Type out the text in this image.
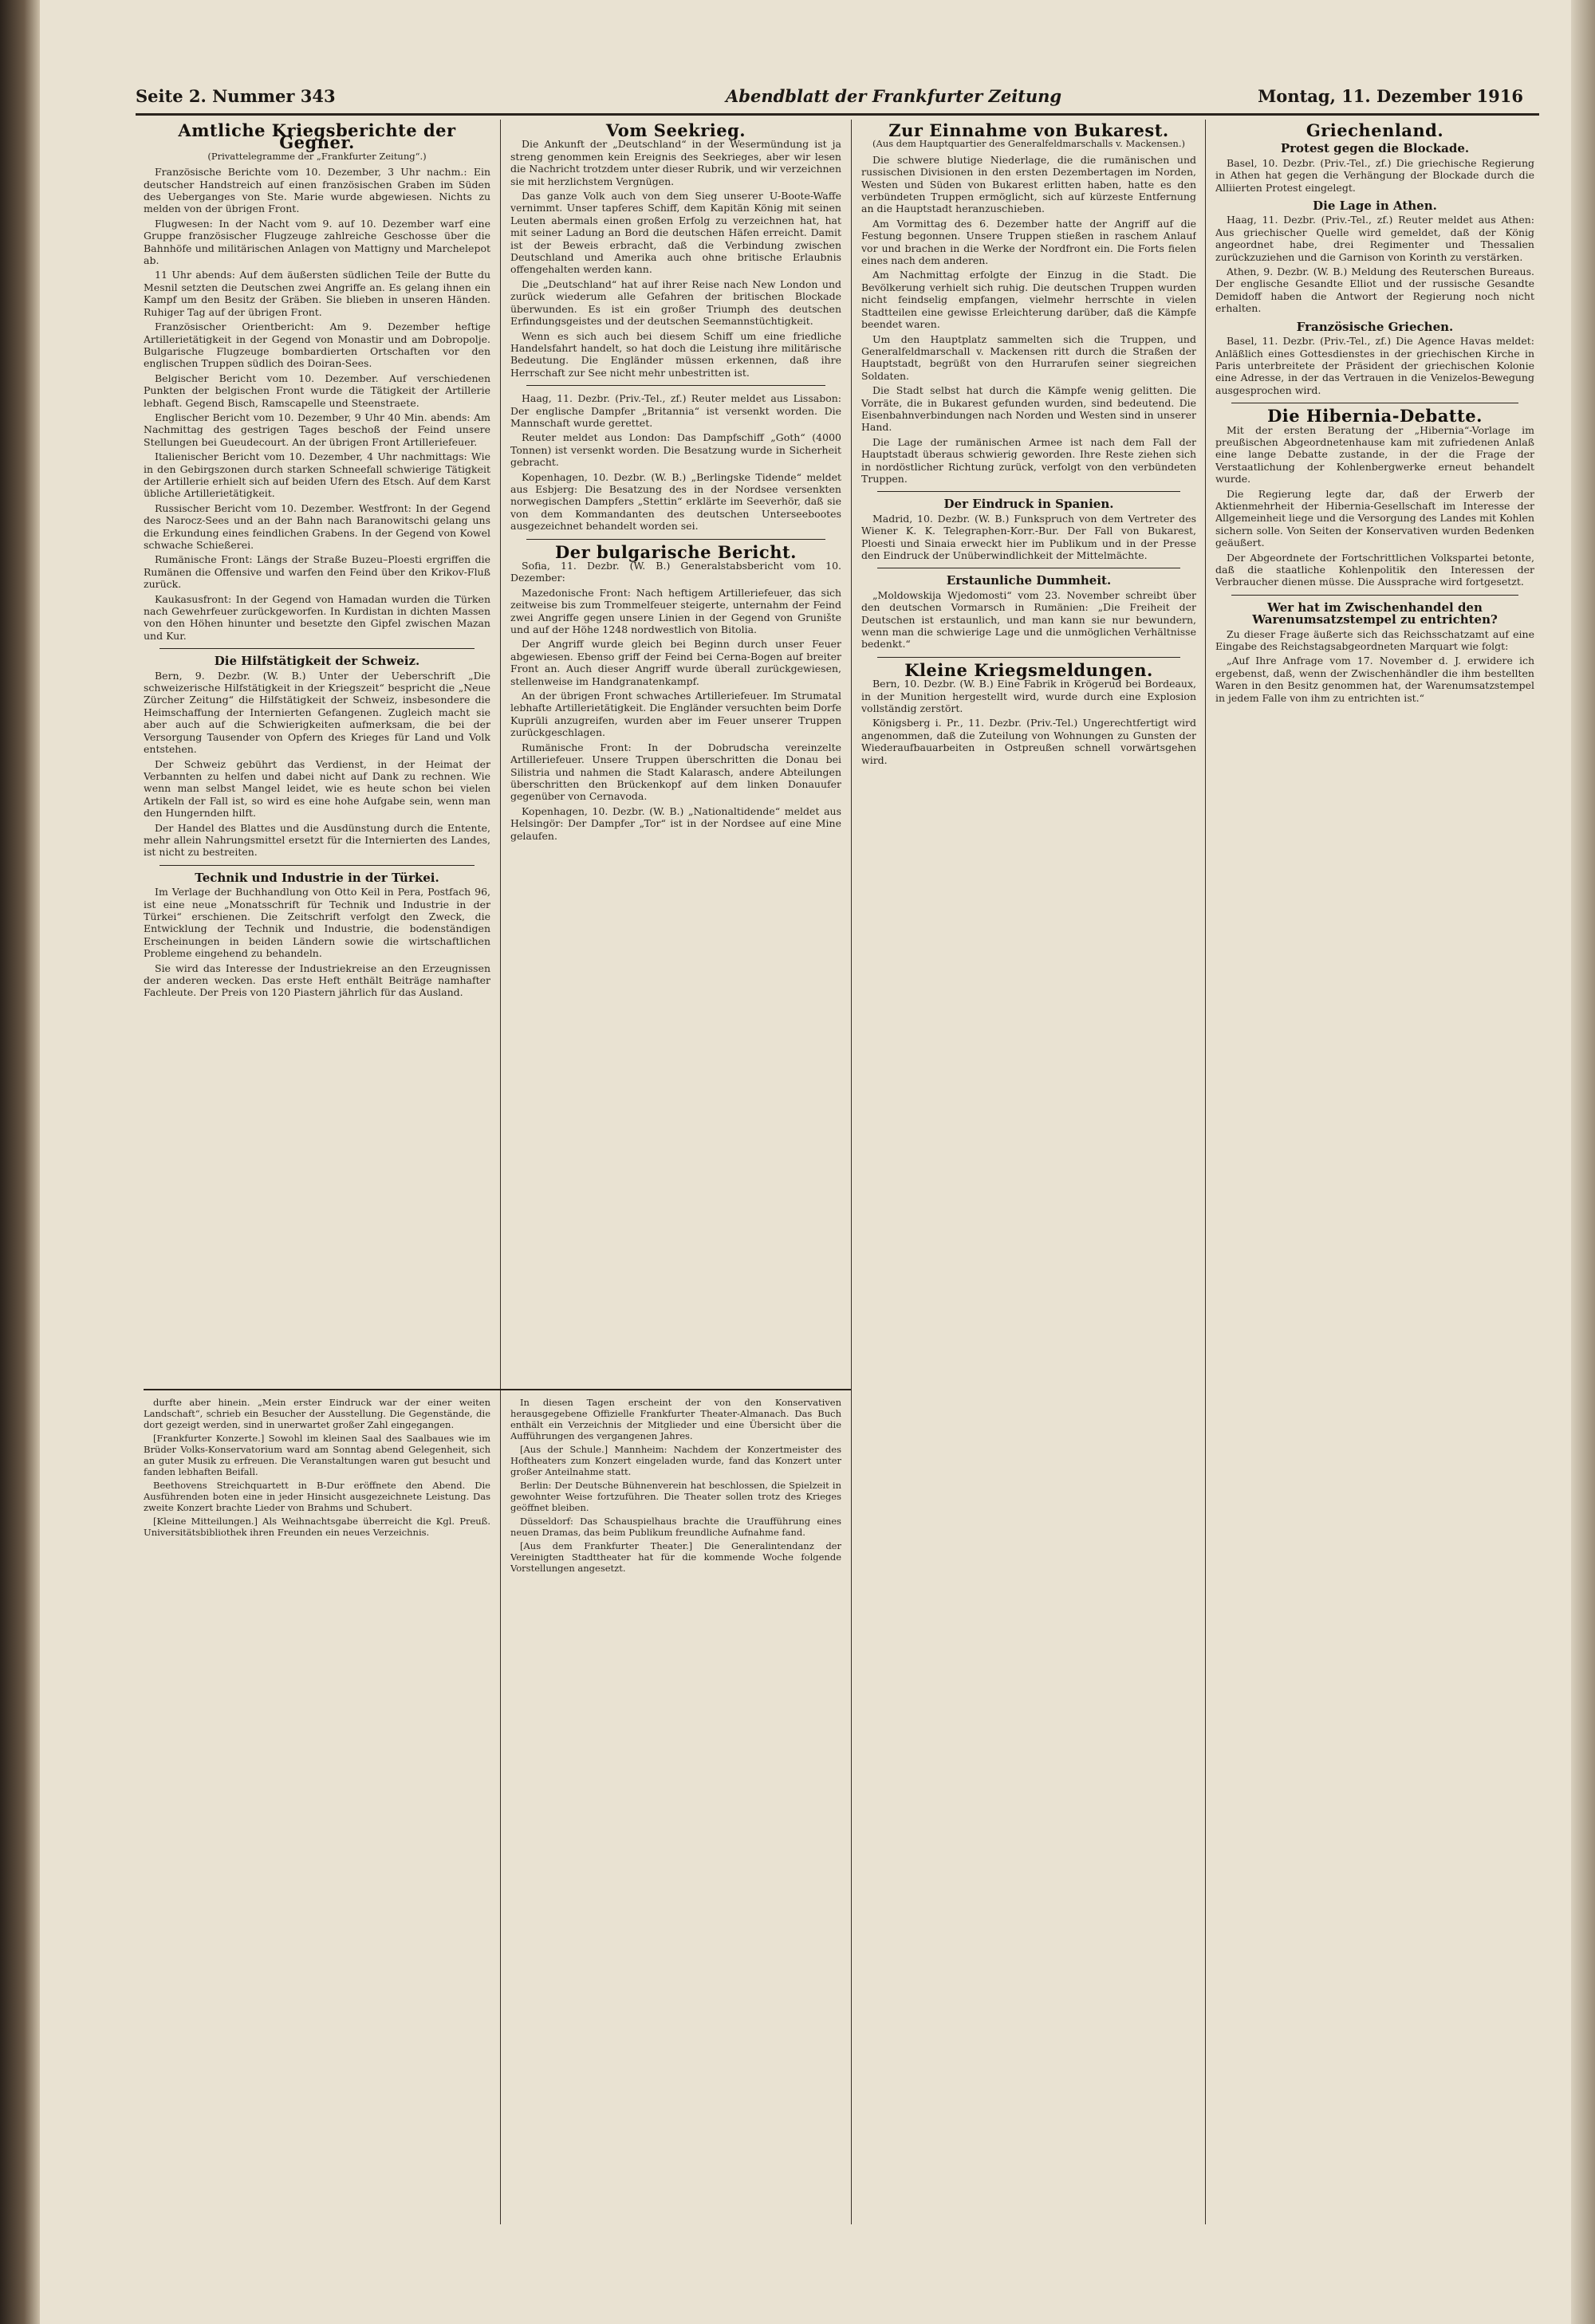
Seite 2. Nummer 343	Abendblatt der Frankfurter Zeitung	Montag, 11. Dezember 1916
Amtliche Kriegsberichte der Gegner.
(Privattelegramme der „Frankfurter Zeitung“.)

Französische Berichte vom 10. Dezember, 3 Uhr nachm.: Ein deutscher Handstreich auf einen französischen Graben im Süden des Ueberganges von Ste. Marie wurde abgewiesen. Nichts zu melden von der übrigen Front.

Flugwesen: In der Nacht vom 9. auf 10. Dezember warf eine Gruppe französischer Flugzeuge zahlreiche Geschosse über die Bahnhöfe und militärischen Anlagen von Mattigny und Marchelepot ab.

11 Uhr abends: Auf dem äußersten südlichen Teile der Butte du Mesnil setzten die Deutschen zwei Angriffe an. Es gelang ihnen ein Kampf um den Besitz der Gräben. Sie blieben in unseren Händen. Ruhiger Tag auf der übrigen Front.

Französischer Orientbericht: Am 9. Dezember heftige Artillerietätigkeit in der Gegend von Monastir und am Dobropolje. Bulgarische Flugzeuge bombardierten Ortschaften vor den englischen Truppen südlich des Doiran-Sees.

Belgischer Bericht vom 10. Dezember. Auf verschiedenen Punkten der belgischen Front wurde die Tätigkeit der Artillerie lebhaft. Gegend Bisch, Ramscapelle und Steenstraete.

Englischer Bericht vom 10. Dezember, 9 Uhr 40 Min. abends: Am Nachmittag des gestrigen Tages beschoß der Feind unsere Stellungen bei Gueudecourt. An der übrigen Front Artilleriefeuer.

Italienischer Bericht vom 10. Dezember, 4 Uhr nachmittags: Wie in den Gebirgszonen durch starken Schneefall schwierige Tätigkeit der Artillerie erhielt sich auf beiden Ufern des Etsch. Auf dem Karst übliche Artillerietätigkeit.

Russischer Bericht vom 10. Dezember. Westfront: In der Gegend des Narocz-Sees und an der Bahn nach Baranowitschi gelang uns die Erkundung eines feindlichen Grabens. In der Gegend von Kowel schwache Schießerei.

Rumänische Front: Längs der Straße Buzeu–Ploesti ergriffen die Rumänen die Offensive und warfen den Feind über den Krikov-Fluß zurück.

Kaukasusfront: In der Gegend von Hamadan wurden die Türken nach Gewehrfeuer zurückgeworfen. In Kurdistan in dichten Massen von den Höhen hinunter und besetzte den Gipfel zwischen Mazan und Kur.

Die Hilfstätigkeit der Schweiz.

Bern, 9. Dezbr. (W. B.) Unter der Ueberschrift „Die schweizerische Hilfstätigkeit in der Kriegszeit“ bespricht die „Neue Zürcher Zeitung“ die Hilfstätigkeit der Schweiz, insbesondere die Heimschaffung der Internierten Gefangenen. Zugleich macht sie aber auch auf die Schwierigkeiten aufmerksam, die bei der Versorgung Tausender von Opfern des Krieges für Land und Volk entstehen.

Der Schweiz gebührt das Verdienst, in der Heimat der Verbannten zu helfen und dabei nicht auf Dank zu rechnen. Wie wenn man selbst Mangel leidet, wie es heute schon bei vielen Artikeln der Fall ist, so wird es eine hohe Aufgabe sein, wenn man den Hungernden hilft.

Der Handel des Blattes und die Ausdünstung durch die Entente, mehr allein Nahrungsmittel ersetzt für die Internierten des Landes, ist nicht zu bestreiten.

Technik und Industrie in der Türkei.

Im Verlage der Buchhandlung von Otto Keil in Pera, Postfach 96, ist eine neue „Monatsschrift für Technik und Industrie in der Türkei“ erschienen. Die Zeitschrift verfolgt den Zweck, die Entwicklung der Technik und Industrie, die bodenständigen Erscheinungen in beiden Ländern sowie die wirtschaftlichen Probleme eingehend zu behandeln.

Sie wird das Interesse der Industriekreise an den Erzeugnissen der anderen wecken. Das erste Heft enthält Beiträge namhafter Fachleute. Der Preis von 120 Piastern jährlich für das Ausland.

Vom Seekrieg.

Die Ankunft der „Deutschland“ in der Wesermündung ist ja streng genommen kein Ereignis des Seekrieges, aber wir lesen die Nachricht trotzdem unter dieser Rubrik, und wir verzeichnen sie mit herzlichstem Vergnügen.

Das ganze Volk auch von dem Sieg unserer U-Boote-Waffe vernimmt. Unser tapferes Schiff, dem Kapitän König mit seinen Leuten abermals einen großen Erfolg zu verzeichnen hat, hat mit seiner Ladung an Bord die deutschen Häfen erreicht. Damit ist der Beweis erbracht, daß die Verbindung zwischen Deutschland und Amerika auch ohne britische Erlaubnis offengehalten werden kann.

Die „Deutschland“ hat auf ihrer Reise nach New London und zurück wiederum alle Gefahren der britischen Blockade überwunden. Es ist ein großer Triumph des deutschen Erfindungsgeistes und der deutschen Seemannstüchtigkeit.

Wenn es sich auch bei diesem Schiff um eine friedliche Handelsfahrt handelt, so hat doch die Leistung ihre militärische Bedeutung. Die Engländer müssen erkennen, daß ihre Herrschaft zur See nicht mehr unbestritten ist.

Haag, 11. Dezbr. (Priv.-Tel., zf.) Reuter meldet aus Lissabon: Der englische Dampfer „Britannia“ ist versenkt worden. Die Mannschaft wurde gerettet.

Reuter meldet aus London: Das Dampfschiff „Goth“ (4000 Tonnen) ist versenkt worden. Die Besatzung wurde in Sicherheit gebracht.

Kopenhagen, 10. Dezbr. (W. B.) „Berlingske Tidende“ meldet aus Esbjerg: Die Besatzung des in der Nordsee versenkten norwegischen Dampfers „Stettin“ erklärte im Seeverhör, daß sie von dem Kommandanten des deutschen Unterseebootes ausgezeichnet behandelt worden sei.

Der bulgarische Bericht.

Sofia, 11. Dezbr. (W. B.) Generalstabsbericht vom 10. Dezember:

Mazedonische Front: Nach heftigem Artilleriefeuer, das sich zeitweise bis zum Trommelfeuer steigerte, unternahm der Feind zwei Angriffe gegen unsere Linien in der Gegend von Grunište und auf der Höhe 1248 nordwestlich von Bitolia.

Der Angriff wurde gleich bei Beginn durch unser Feuer abgewiesen. Ebenso griff der Feind bei Cerna-Bogen auf breiter Front an. Auch dieser Angriff wurde überall zurückgewiesen, stellenweise im Handgranatenkampf.

An der übrigen Front schwaches Artilleriefeuer. Im Strumatal lebhafte Artillerietätigkeit. Die Engländer versuchten beim Dorfe Kuprüli anzugreifen, wurden aber im Feuer unserer Truppen zurückgeschlagen.

Rumänische Front: In der Dobrudscha vereinzelte Artilleriefeuer. Unsere Truppen überschritten die Donau bei Silistria und nahmen die Stadt Kalarasch, andere Abteilungen überschritten den Brückenkopf auf dem linken Donauufer gegenüber von Cernavoda.

Kopenhagen, 10. Dezbr. (W. B.) „Nationaltidende“ meldet aus Helsingör: Der Dampfer „Tor“ ist in der Nordsee auf eine Mine gelaufen.

Zur Einnahme von Bukarest.
(Aus dem Hauptquartier des Generalfeldmarschalls v. Mackensen.)

Die schwere blutige Niederlage, die die rumänischen und russischen Divisionen in den ersten Dezembertagen im Norden, Westen und Süden von Bukarest erlitten haben, hatte es den verbündeten Truppen ermöglicht, sich auf kürzeste Entfernung an die Hauptstadt heranzuschieben.

Am Vormittag des 6. Dezember hatte der Angriff auf die Festung begonnen. Unsere Truppen stießen in raschem Anlauf vor und brachen in die Werke der Nordfront ein. Die Forts fielen eines nach dem anderen.

Am Nachmittag erfolgte der Einzug in die Stadt. Die Bevölkerung verhielt sich ruhig. Die deutschen Truppen wurden nicht feindselig empfangen, vielmehr herrschte in vielen Stadtteilen eine gewisse Erleichterung darüber, daß die Kämpfe beendet waren.

Um den Hauptplatz sammelten sich die Truppen, und Generalfeldmarschall v. Mackensen ritt durch die Straßen der Hauptstadt, begrüßt von den Hurrarufen seiner siegreichen Soldaten.

Die Stadt selbst hat durch die Kämpfe wenig gelitten. Die Vorräte, die in Bukarest gefunden wurden, sind bedeutend. Die Eisenbahnverbindungen nach Norden und Westen sind in unserer Hand.

Die Lage der rumänischen Armee ist nach dem Fall der Hauptstadt überaus schwierig geworden. Ihre Reste ziehen sich in nordöstlicher Richtung zurück, verfolgt von den verbündeten Truppen.

Der Eindruck in Spanien.

Madrid, 10. Dezbr. (W. B.) Funkspruch von dem Vertreter des Wiener K. K. Telegraphen-Korr.-Bur. Der Fall von Bukarest, Ploesti und Sinaia erweckt hier im Publikum und in der Presse den Eindruck der Unüberwindlichkeit der Mittelmächte.

Erstaunliche Dummheit.

„Moldowskija Wjedomosti“ vom 23. November schreibt über den deutschen Vormarsch in Rumänien: „Die Freiheit der Deutschen ist erstaunlich, und man kann sie nur bewundern, wenn man die schwierige Lage und die unmöglichen Verhältnisse bedenkt.“

Kleine Kriegsmeldungen.

Bern, 10. Dezbr. (W. B.) Eine Fabrik in Krögerud bei Bordeaux, in der Munition hergestellt wird, wurde durch eine Explosion vollständig zerstört.

Königsberg i. Pr., 11. Dezbr. (Priv.-Tel.) Ungerechtfertigt wird angenommen, daß die Zuteilung von Wohnungen zu Gunsten der Wiederaufbauarbeiten in Ostpreußen schnell vorwärtsgehen wird.

Griechenland.
Protest gegen die Blockade.

Basel, 10. Dezbr. (Priv.-Tel., zf.) Die griechische Regierung in Athen hat gegen die Verhängung der Blockade durch die Alliierten Protest eingelegt.

Die Lage in Athen.

Haag, 11. Dezbr. (Priv.-Tel., zf.) Reuter meldet aus Athen: Aus griechischer Quelle wird gemeldet, daß der König angeordnet habe, drei Regimenter und Thessalien zurückzuziehen und die Garnison von Korinth zu verstärken.

Athen, 9. Dezbr. (W. B.) Meldung des Reuterschen Bureaus. Der englische Gesandte Elliot und der russische Gesandte Demidoff haben die Antwort der Regierung noch nicht erhalten.

Französische Griechen.

Basel, 11. Dezbr. (Priv.-Tel., zf.) Die Agence Havas meldet: Anläßlich eines Gottesdienstes in der griechischen Kirche in Paris unterbreitete der Präsident der griechischen Kolonie eine Adresse, in der das Vertrauen in die Venizelos-Bewegung ausgesprochen wird.

Die Hibernia-Debatte.

Mit der ersten Beratung der „Hibernia“-Vorlage im preußischen Abgeordnetenhause kam mit zufriedenen Anlaß eine lange Debatte zustande, in der die Frage der Verstaatlichung der Kohlenbergwerke erneut behandelt wurde.

Die Regierung legte dar, daß der Erwerb der Aktienmehrheit der Hibernia-Gesellschaft im Interesse der Allgemeinheit liege und die Versorgung des Landes mit Kohlen sichern solle. Von Seiten der Konservativen wurden Bedenken geäußert.

Der Abgeordnete der Fortschrittlichen Volkspartei betonte, daß die staatliche Kohlenpolitik den Interessen der Verbraucher dienen müsse. Die Aussprache wird fortgesetzt.

Wer hat im Zwischenhandel den Warenumsatzstempel zu entrichten?

Zu dieser Frage äußerte sich das Reichsschatzamt auf eine Eingabe des Reichstagsabgeordneten Marquart wie folgt:

„Auf Ihre Anfrage vom 17. November d. J. erwidere ich ergebenst, daß, wenn der Zwischenhändler die ihm bestellten Waren in den Besitz genommen hat, der Warenumsatzstempel in jedem Falle von ihm zu entrichten ist.“

durfte aber hinein. „Mein erster Eindruck war der einer weiten Landschaft“, schrieb ein Besucher der Ausstellung. Die Gegenstände, die dort gezeigt werden, sind in unerwartet großer Zahl eingegangen.

[Frankfurter Konzerte.] Sowohl im kleinen Saal des Saalbaues wie im Brüder Volks-Konservatorium ward am Sonntag abend Gelegenheit, sich an guter Musik zu erfreuen. Die Veranstaltungen waren gut besucht und fanden lebhaften Beifall.

Beethovens Streichquartett in B-Dur eröffnete den Abend. Die Ausführenden boten eine in jeder Hinsicht ausgezeichnete Leistung. Das zweite Konzert brachte Lieder von Brahms und Schubert.

[Kleine Mitteilungen.] Als Weihnachtsgabe überreicht die Kgl. Preuß. Universitätsbibliothek ihren Freunden ein neues Verzeichnis.

In diesen Tagen erscheint der von den Konservativen herausgegebene Offizielle Frankfurter Theater-Almanach. Das Buch enthält ein Verzeichnis der Mitglieder und eine Übersicht über die Aufführungen des vergangenen Jahres.

[Aus der Schule.] Mannheim: Nachdem der Konzertmeister des Hoftheaters zum Konzert eingeladen wurde, fand das Konzert unter großer Anteilnahme statt.

Berlin: Der Deutsche Bühnenverein hat beschlossen, die Spielzeit in gewohnter Weise fortzuführen. Die Theater sollen trotz des Krieges geöffnet bleiben.

Düsseldorf: Das Schauspielhaus brachte die Uraufführung eines neuen Dramas, das beim Publikum freundliche Aufnahme fand.

[Aus dem Frankfurter Theater.] Die Generalintendanz der Vereinigten Stadttheater hat für die kommende Woche folgende Vorstellungen angesetzt.
